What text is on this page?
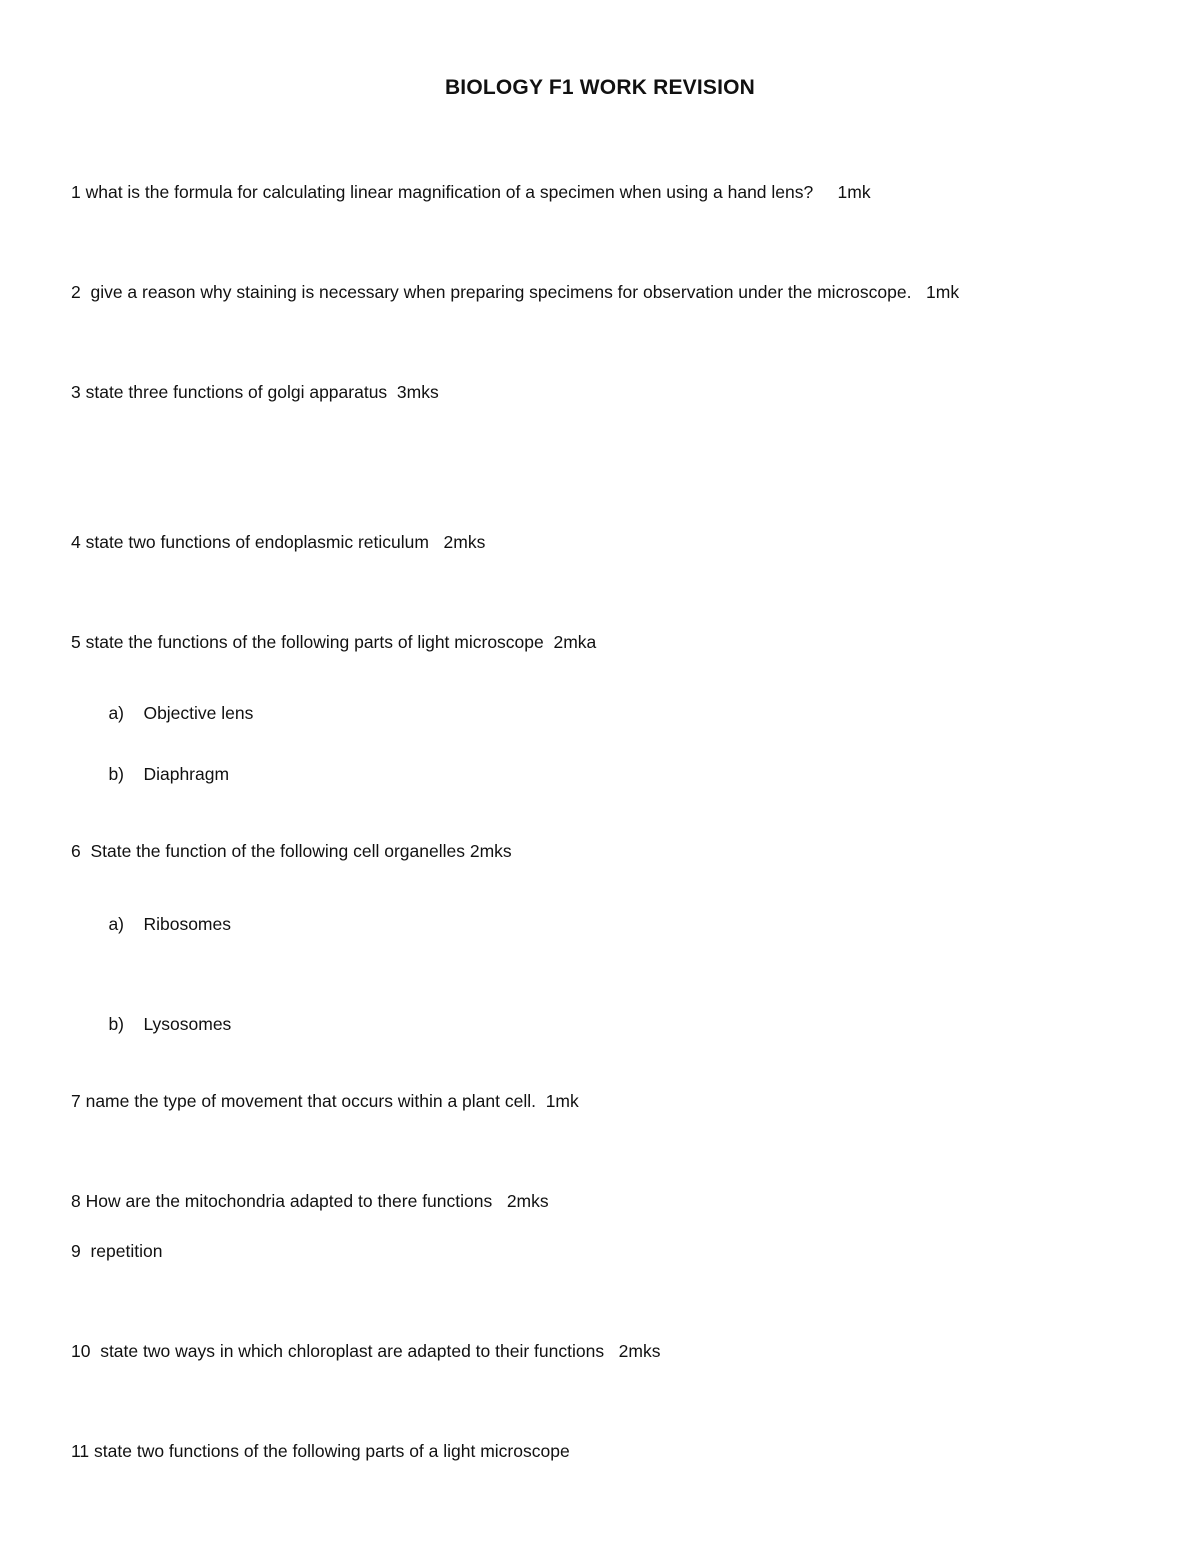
BIOLOGY F1 WORK REVISION
1 what is the formula for calculating linear magnification of a specimen when using a hand lens?     1mk
2  give a reason why staining is necessary when preparing specimens for observation under the microscope.   1mk
3 state three functions of golgi apparatus  3mks
4 state two functions of endoplasmic reticulum   2mks
5 state the functions of the following parts of light microscope  2mka

a) Objective lens

b) Diaphragm

6  State the function of the following cell organelles 2mks

a) Ribosomes

b) Lysosomes

7 name the type of movement that occurs within a plant cell.  1mk
8 How are the mitochondria adapted to there functions   2mks
9  repetition
10  state two ways in which chloroplast are adapted to their functions   2mks
11 state two functions of the following parts of a light microscope
